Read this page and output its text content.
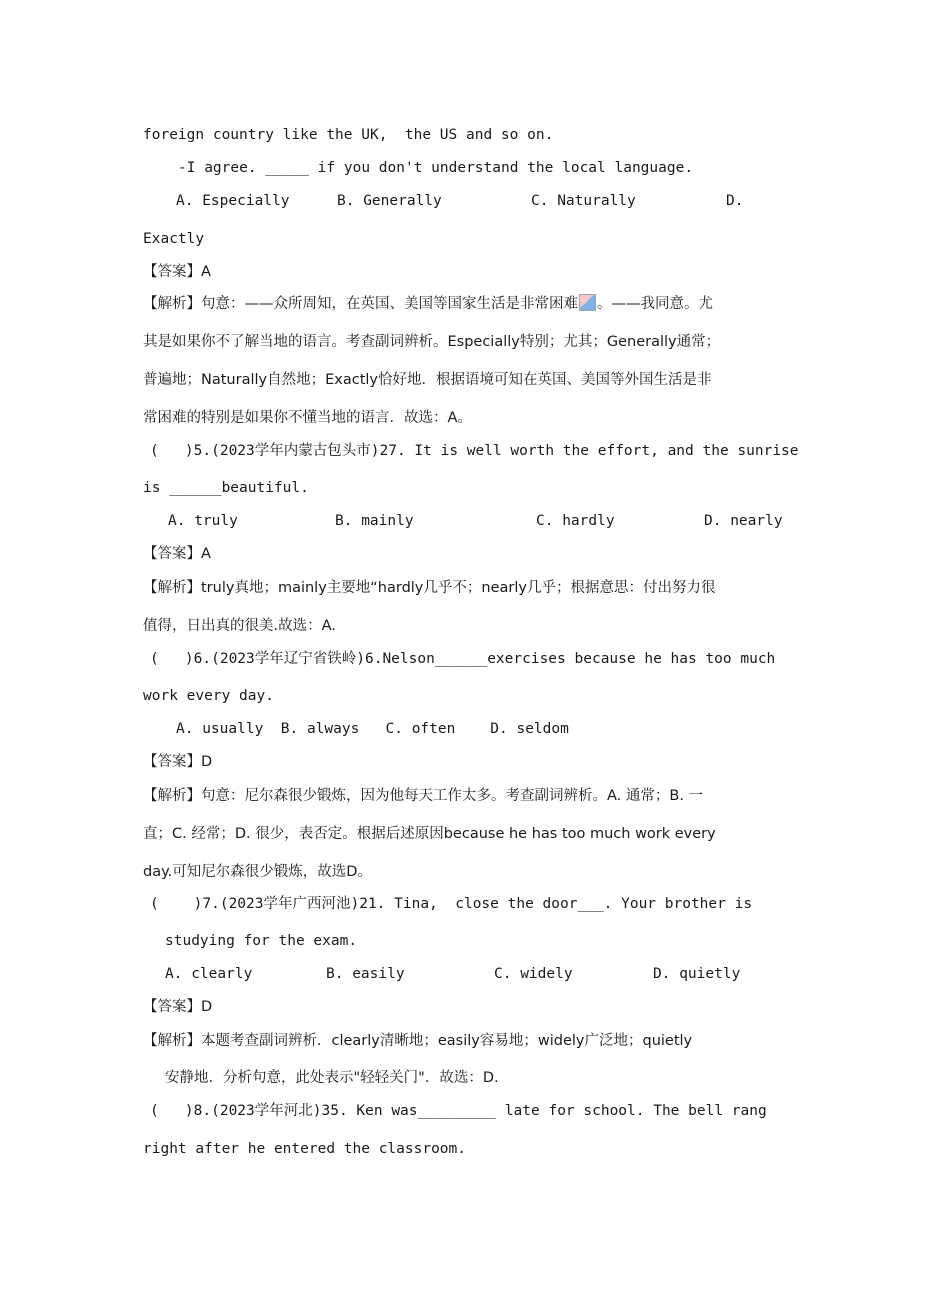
foreign country like the UK,  the US and so on.
-I agree. _____ if you don't understand the local language.
A. Especially	B. Generally	C. Naturally	D.
Exactly
【答案】A
【解析】句意：——众所周知，在英国、美国等国家生活是非常困难 。——我同意。尤
其是如果你不了解当地的语言。考查副词辨析。Especially特别；尤其；Generally通常；
普遍地；Naturally自然地；Exactly恰好地．根据语境可知在英国、美国等外国生活是非
常困难的特别是如果你不懂当地的语言．故选：A。
(   )5.(2023学年内蒙古包头市)27. It is well worth the effort, and the sunrise
is ______beautiful.
A. truly	B. mainly	C. hardly	D. nearly
【答案】A
【解析】truly真地；mainly主要地“hardly几乎不；nearly几乎；根据意思：付出努力很
值得，日出真的很美.故选：A.
(   )6.(2023学年辽宁省铁岭)6.Nelson______exercises because he has too much
work every day.
A. usually  B. always   C. often    D. seldom
【答案】D
【解析】句意：尼尔森很少锻炼，因为他每天工作太多。考查副词辨析。A. 通常；B. 一
直；C. 经常；D. 很少，表否定。根据后述原因because he has too much work every
day.可知尼尔森很少锻炼，故选D。
(    )7.(2023学年广西河池)21. Tina,  close the door___. Your brother is
studying for the exam.
A. clearly	B. easily	C. widely	D. quietly
【答案】D
【解析】本题考查副词辨析．clearly清晰地；easily容易地；widely广泛地；quietly
安静地．分析句意，此处表示"轻轻关门"．故选：D.
(   )8.(2023学年河北)35. Ken was_________ late for school. The bell rang
right after he entered the classroom.
